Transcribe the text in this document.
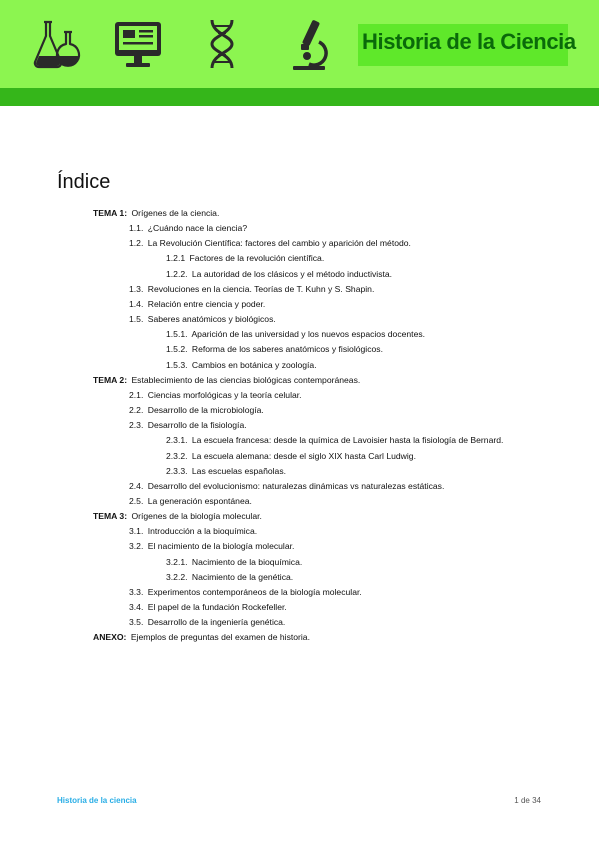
Historia de la Ciencia
Índice
TEMA 1: Orígenes de la ciencia.
1.1. ¿Cuándo nace la ciencia?
1.2. La Revolución Científica: factores del cambio y aparición del método.
1.2.1 Factores de la revolución científica.
1.2.2. La autoridad de los clásicos y el método inductivista.
1.3. Revoluciones en la ciencia. Teorías de T. Kuhn y S. Shapin.
1.4. Relación entre ciencia y poder.
1.5. Saberes anatómicos y biológicos.
1.5.1. Aparición de las universidad y los nuevos espacios docentes.
1.5.2. Reforma de los saberes anatómicos y fisiológicos.
1.5.3. Cambios en botánica y zoología.
TEMA 2: Establecimiento de las ciencias biológicas contemporáneas.
2.1. Ciencias morfológicas y la teoría celular.
2.2. Desarrollo de la microbiología.
2.3. Desarrollo de la fisiología.
2.3.1. La escuela francesa: desde la química de Lavoisier hasta la fisiología de Bernard.
2.3.2. La escuela alemana: desde el siglo XIX hasta Carl Ludwig.
2.3.3. Las escuelas españolas.
2.4. Desarrollo del evolucionismo: naturalezas dinámicas vs naturalezas estáticas.
2.5. La generación espontánea.
TEMA 3: Orígenes de la biología molecular.
3.1. Introducción a la bioquímica.
3.2. El nacimiento de la biología molecular.
3.2.1. Nacimiento de la bioquímica.
3.2.2. Nacimiento de la genética.
3.3. Experimentos contemporáneos de la biología molecular.
3.4. El papel de la fundación Rockefeller.
3.5. Desarrollo de la ingeniería genética.
ANEXO: Ejemplos de preguntas del examen de historia.
Historia de la ciencia	1 de 34
